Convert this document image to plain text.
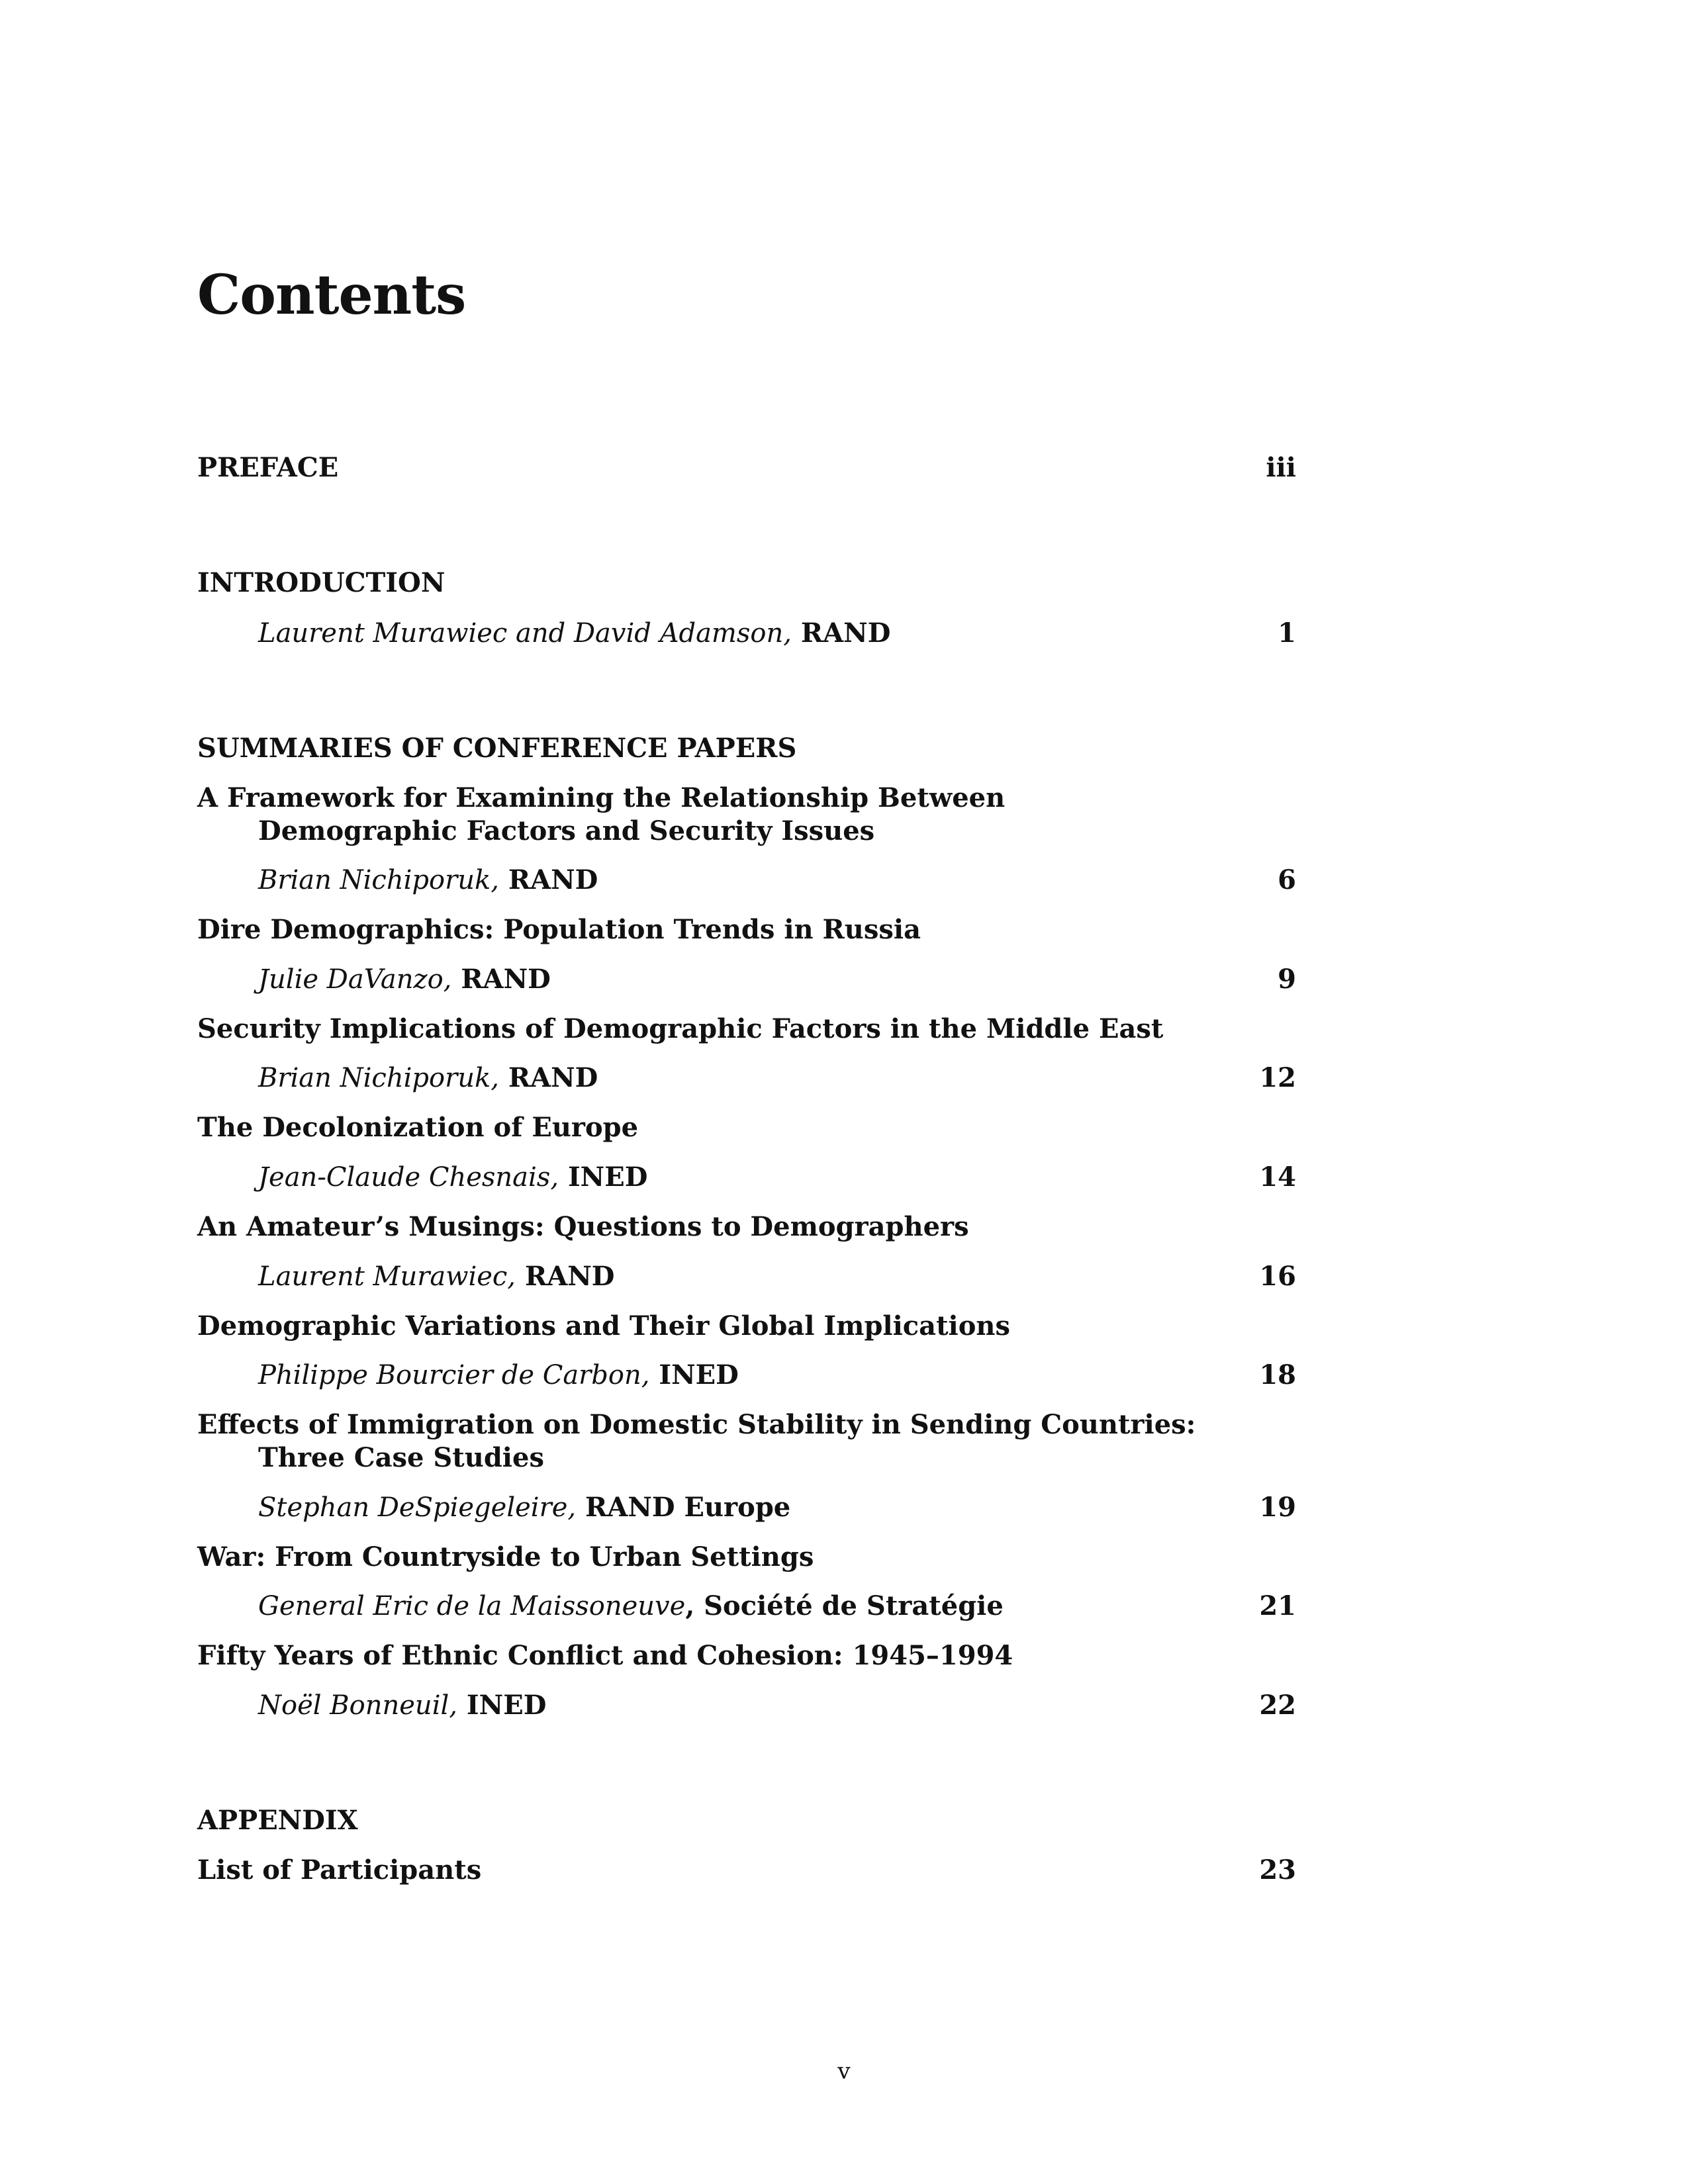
Contents
PREFACE	iii
INTRODUCTION
Laurent Murawiec and David Adamson, RAND	1
SUMMARIES OF CONFERENCE PAPERS
A Framework for Examining the Relationship Between
Demographic Factors and Security Issues
Brian Nichiporuk, RAND	6
Dire Demographics: Population Trends in Russia
Julie DaVanzo, RAND	9
Security Implications of Demographic Factors in the Middle East
Brian Nichiporuk, RAND	12
The Decolonization of Europe
Jean-Claude Chesnais, INED	14
An Amateur’s Musings: Questions to Demographers
Laurent Murawiec, RAND	16
Demographic Variations and Their Global Implications
Philippe Bourcier de Carbon, INED	18
Effects of Immigration on Domestic Stability in Sending Countries:
Three Case Studies
Stephan DeSpiegeleire, RAND Europe	19
War: From Countryside to Urban Settings
General Eric de la Maissoneuve, Société de Stratégie	21
Fifty Years of Ethnic Conflict and Cohesion: 1945–1994
Noël Bonneuil, INED	22
APPENDIX
List of Participants	23
v
